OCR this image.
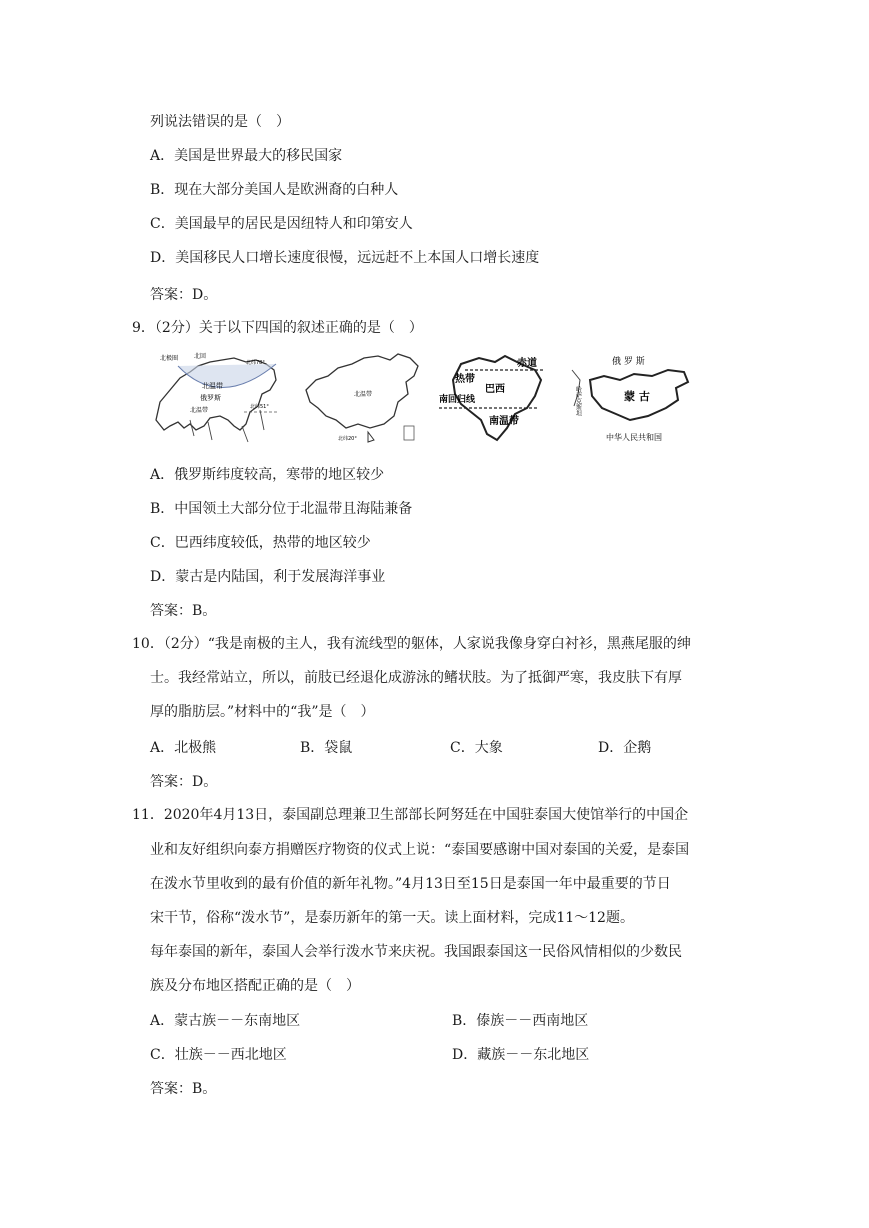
列说法错误的是（　）
A．美国是世界最大的移民国家
B．现在大部分美国人是欧洲裔的白种人
C．美国最早的居民是因纽特人和印第安人
D．美国移民人口增长速度很慢，远远赶不上本国人口增长速度
答案：D。
9．（2分）关于以下四国的叙述正确的是（　）
北极圈	北回
北温带
俄罗斯
北温带
北纬78°
北纬51°
北温带
北纬20°
赤道
热带
巴西
南回归线
南温带
俄 罗 斯
蒙 古
哈萨克斯坦
中华人民共和国
A．俄罗斯纬度较高，寒带的地区较少
B．中国领土大部分位于北温带且海陆兼备
C．巴西纬度较低，热带的地区较少
D．蒙古是内陆国，利于发展海洋事业
答案：B。
10．（2分）“我是南极的主人，我有流线型的躯体，人家说我像身穿白衬衫，黑燕尾服的绅
士。我经常站立，所以，前肢已经退化成游泳的鳍状肢。为了抵御严寒，我皮肤下有厚
厚的脂肪层。”材料中的“我”是（　）
A．北极熊	B．袋鼠	C．大象	D．企鹅
答案：D。
11．2020年4月13日，泰国副总理兼卫生部部长阿努廷在中国驻泰国大使馆举行的中国企
业和友好组织向泰方捐赠医疗物资的仪式上说：“泰国要感谢中国对泰国的关爱，是泰国
在泼水节里收到的最有价值的新年礼物。”4月13日至15日是泰国一年中最重要的节日
宋干节，俗称“泼水节”，是泰历新年的第一天。读上面材料，完成11～12题。
每年泰国的新年，泰国人会举行泼水节来庆祝。我国跟泰国这一民俗风情相似的少数民
族及分布地区搭配正确的是（　）
A．蒙古族－－东南地区	B．傣族－－西南地区
C．壮族－－西北地区	D．藏族－－东北地区
答案：B。
